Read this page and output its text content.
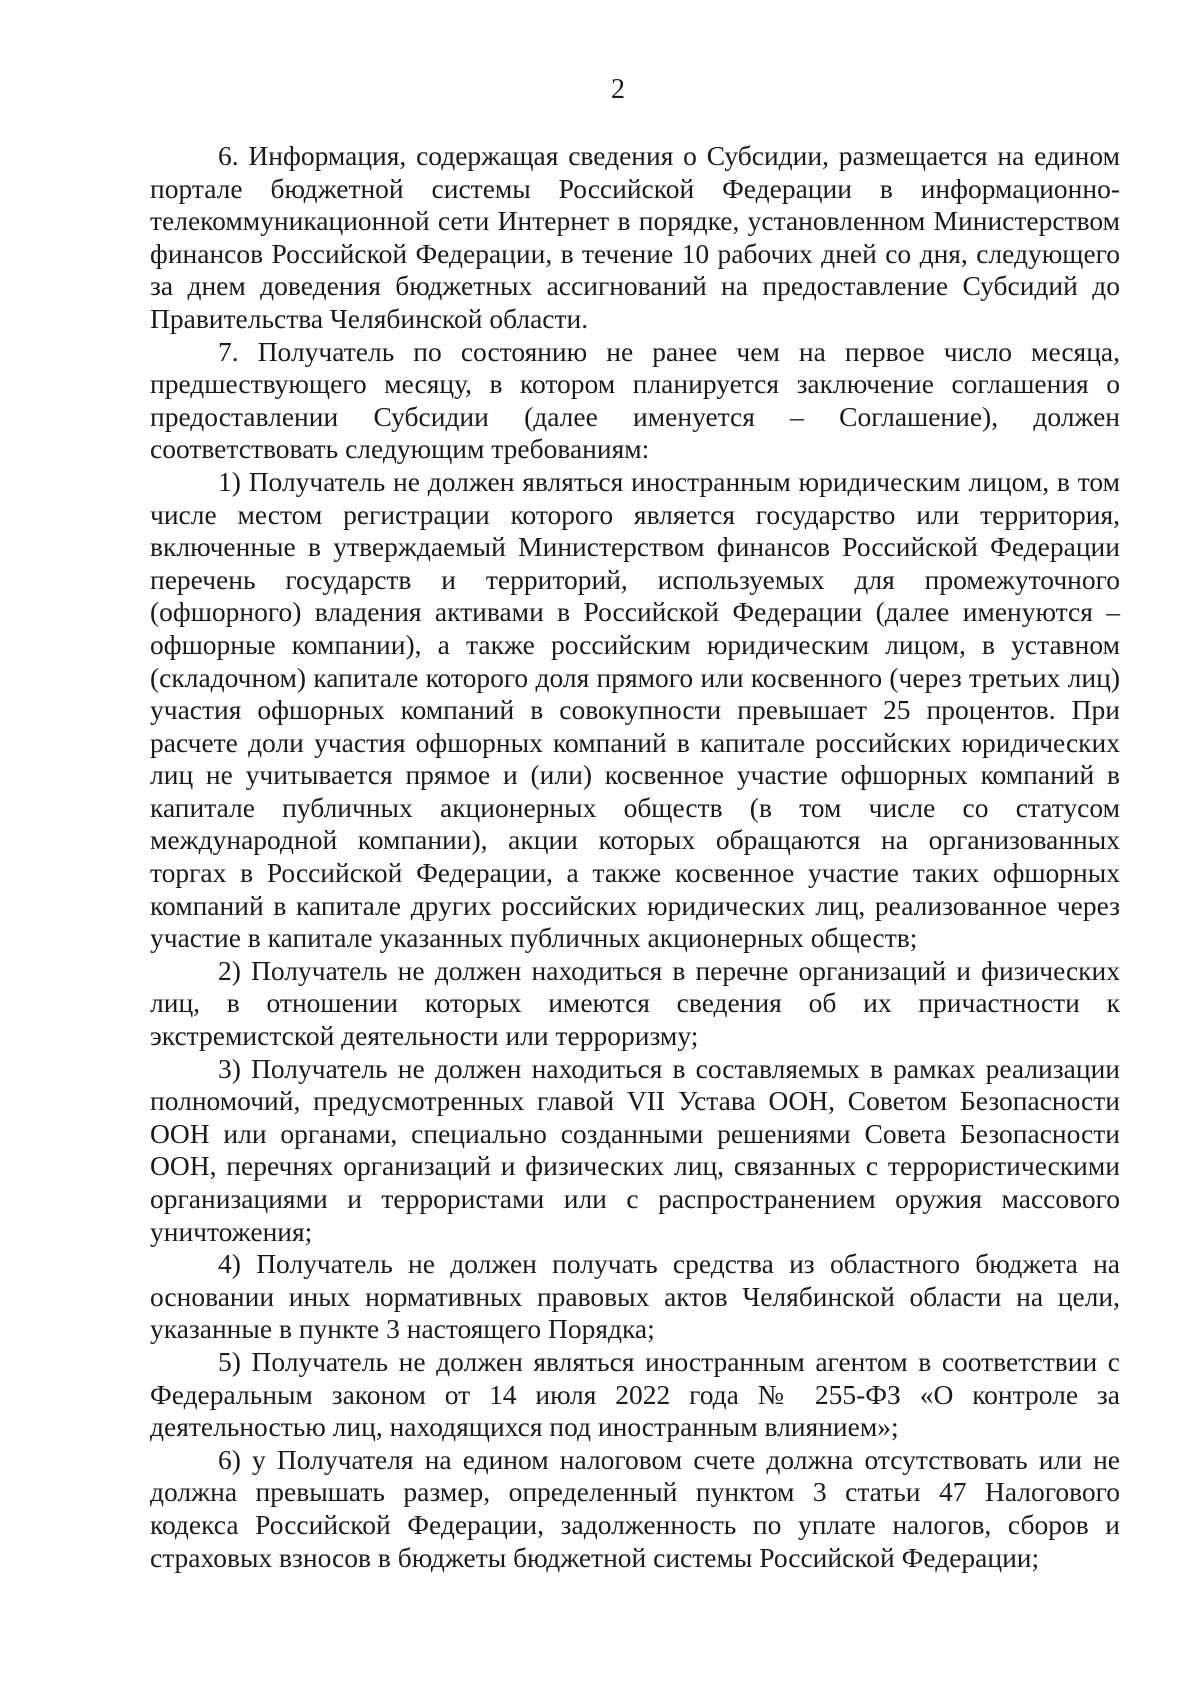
2

6. Информация, содержащая сведения о Субсидии, размещается на едином портале бюджетной системы Российской Федерации в информационно-телекоммуникационной сети Интернет в порядке, установленном Министерством финансов Российской Федерации, в течение 10 рабочих дней со дня, следующего за днем доведения бюджетных ассигнований на предоставление Субсидий до Правительства Челябинской области.

7. Получатель по состоянию не ранее чем на первое число месяца, предшествующего месяцу, в котором планируется заключение соглашения о предоставлении Субсидии (далее именуется – Соглашение), должен соответствовать следующим требованиям:

1) Получатель не должен являться иностранным юридическим лицом, в том числе местом регистрации которого является государство или территория, включенные в утверждаемый Министерством финансов Российской Федерации перечень государств и территорий, используемых для промежуточного (офшорного) владения активами в Российской Федерации (далее именуются – офшорные компании), а также российским юридическим лицом, в уставном (складочном) капитале которого доля прямого или косвенного (через третьих лиц) участия офшорных компаний в совокупности превышает 25 процентов. При расчете доли участия офшорных компаний в капитале российских юридических лиц не учитывается прямое и (или) косвенное участие офшорных компаний в капитале публичных акционерных обществ (в том числе со статусом международной компании), акции которых обращаются на организованных торгах в Российской Федерации, а также косвенное участие таких офшорных компаний в капитале других российских юридических лиц, реализованное через участие в капитале указанных публичных акционерных обществ;

2) Получатель не должен находиться в перечне организаций и физических лиц, в отношении которых имеются сведения об их причастности к экстремистской деятельности или терроризму;

3) Получатель не должен находиться в составляемых в рамках реализации полномочий, предусмотренных главой VII Устава ООН, Советом Безопасности ООН или органами, специально созданными решениями Совета Безопасности ООН, перечнях организаций и физических лиц, связанных с террористическими организациями и террористами или с распространением оружия массового уничтожения;

4) Получатель не должен получать средства из областного бюджета на основании иных нормативных правовых актов Челябинской области на цели, указанные в пункте 3 настоящего Порядка;

5) Получатель не должен являться иностранным агентом в соответствии с Федеральным законом от 14 июля 2022 года № 255-ФЗ «О контроле за деятельностью лиц, находящихся под иностранным влиянием»;

6) у Получателя на едином налоговом счете должна отсутствовать или не должна превышать размер, определенный пунктом 3 статьи 47 Налогового кодекса Российской Федерации, задолженность по уплате налогов, сборов и страховых взносов в бюджеты бюджетной системы Российской Федерации;
